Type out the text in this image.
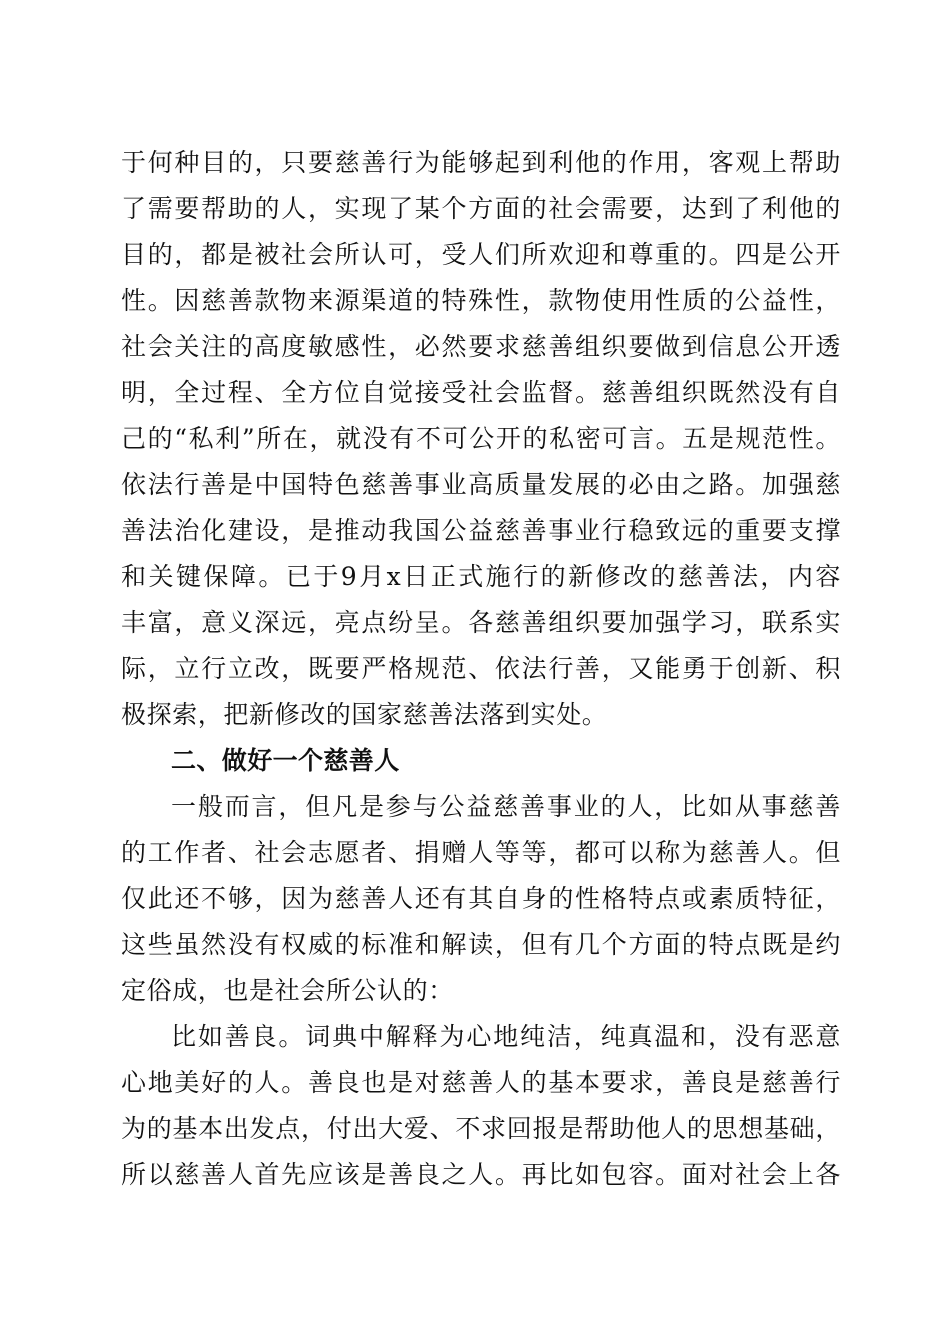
于何种目的，只要慈善行为能够起到利他的作用，客观上帮助
了需要帮助的人，实现了某个方面的社会需要，达到了利他的
目的，都是被社会所认可，受人们所欢迎和尊重的。四是公开
性。因慈善款物来源渠道的特殊性，款物使用性质的公益性，
社会关注的高度敏感性，必然要求慈善组织要做到信息公开透
明，全过程、全方位自觉接受社会监督。慈善组织既然没有自
己的“私利”所在，就没有不可公开的私密可言。五是规范性。
依法行善是中国特色慈善事业高质量发展的必由之路。加强慈
善法治化建设，是推动我国公益慈善事业行稳致远的重要支撑
和关键保障。已于9月x日正式施行的新修改的慈善法，内容
丰富，意义深远，亮点纷呈。各慈善组织要加强学习，联系实
际，立行立改，既要严格规范、依法行善，又能勇于创新、积
极探索，把新修改的国家慈善法落到实处。
二、做好一个慈善人
一般而言，但凡是参与公益慈善事业的人，比如从事慈善
的工作者、社会志愿者、捐赠人等等，都可以称为慈善人。但
仅此还不够，因为慈善人还有其自身的性格特点或素质特征，
这些虽然没有权威的标准和解读，但有几个方面的特点既是约
定俗成，也是社会所公认的：
比如善良。词典中解释为心地纯洁，纯真温和，没有恶意
心地美好的人。善良也是对慈善人的基本要求，善良是慈善行
为的基本出发点，付出大爱、不求回报是帮助他人的思想基础，
所以慈善人首先应该是善良之人。再比如包容。面对社会上各
